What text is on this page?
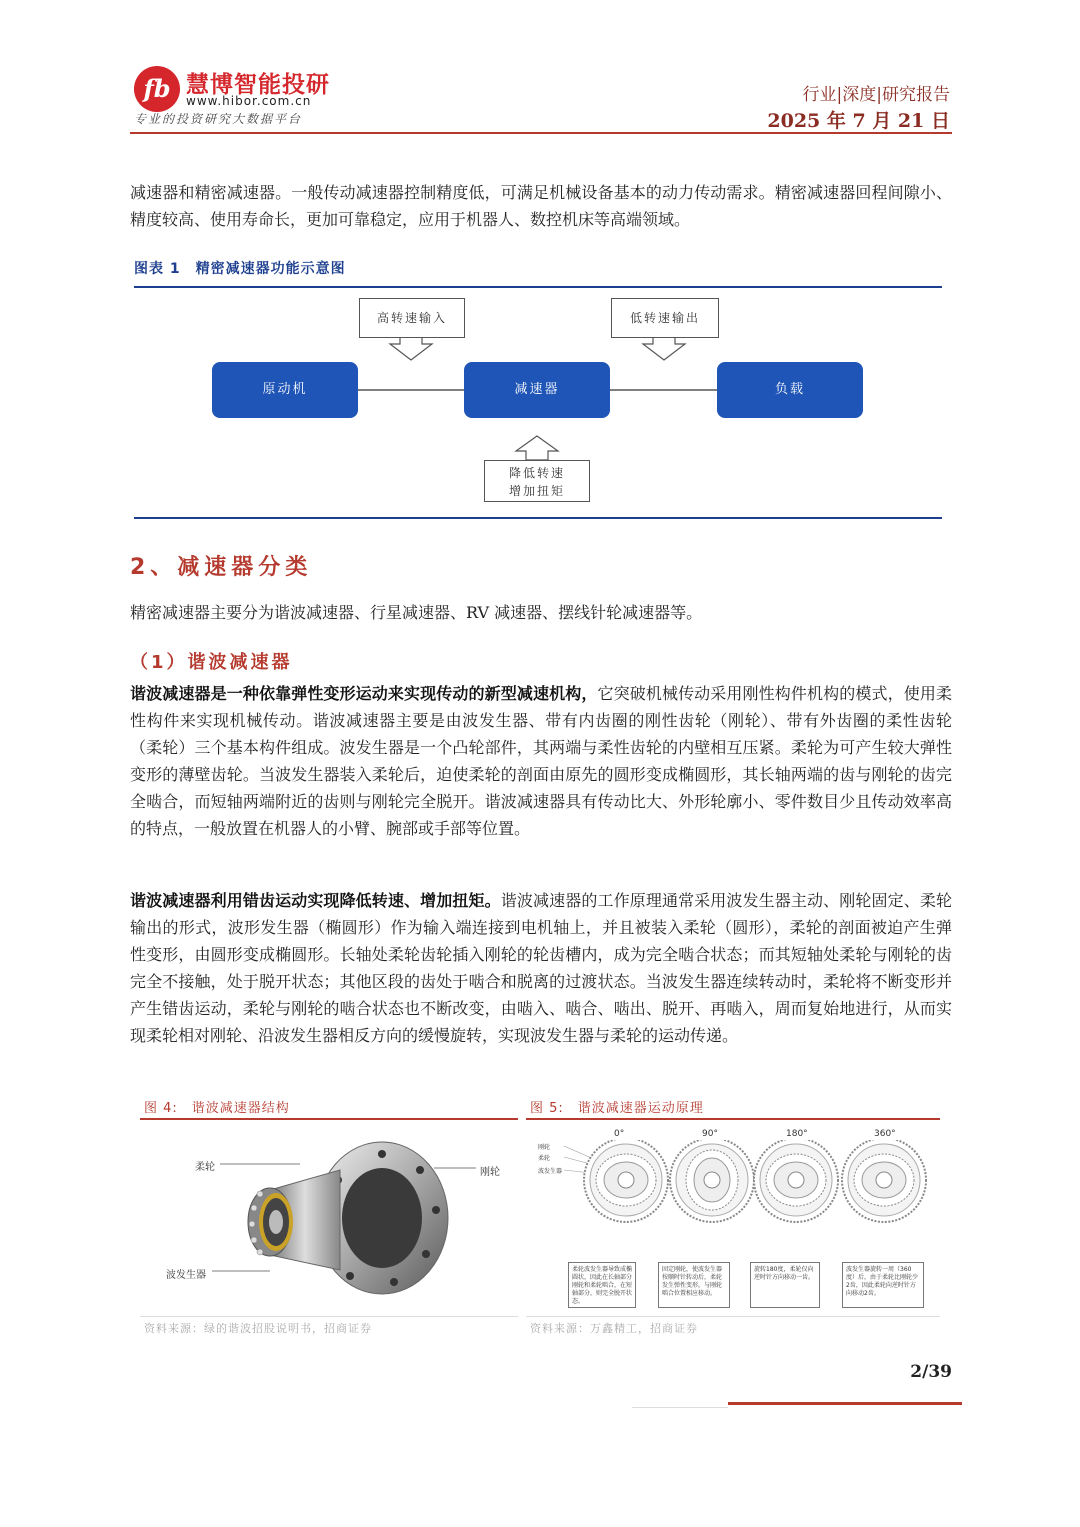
fb 慧博智能投研
www.hibor.com.cn
专业的投资研究大数据平台
行业|深度|研究报告
2025 年 7 月 21 日
减速器和精密减速器。一般传动减速器控制精度低，可满足机械设备基本的动力传动需求。精密减速器回程间隙小、精度较高、使用寿命长，更加可靠稳定，应用于机器人、数控机床等高端领域。
图表 1　精密减速器功能示意图
高转速输入	低转速输出
原动机	减速器	负载
降低转速
增加扭矩
2、减速器分类
精密减速器主要分为谐波减速器、行星减速器、RV 减速器、摆线针轮减速器等。
（1）谐波减速器
谐波减速器是一种依靠弹性变形运动来实现传动的新型减速机构，它突破机械传动采用刚性构件机构的模式，使用柔性构件来实现机械传动。谐波减速器主要是由波发生器、带有内齿圈的刚性齿轮（刚轮）、带有外齿圈的柔性齿轮（柔轮）三个基本构件组成。波发生器是一个凸轮部件，其两端与柔性齿轮的内壁相互压紧。柔轮为可产生较大弹性变形的薄壁齿轮。当波发生器装入柔轮后，迫使柔轮的剖面由原先的圆形变成椭圆形，其长轴两端的齿与刚轮的齿完全啮合，而短轴两端附近的齿则与刚轮完全脱开。谐波减速器具有传动比大、外形轮廓小、零件数目少且传动效率高的特点，一般放置在机器人的小臂、腕部或手部等位置。
谐波减速器利用错齿运动实现降低转速、增加扭矩。谐波减速器的工作原理通常采用波发生器主动、刚轮固定、柔轮输出的形式，波形发生器（椭圆形）作为输入端连接到电机轴上，并且被装入柔轮（圆形），柔轮的剖面被迫产生弹性变形，由圆形变成椭圆形。长轴处柔轮齿轮插入刚轮的轮齿槽内，成为完全啮合状态；而其短轴处柔轮与刚轮的齿完全不接触，处于脱开状态；其他区段的齿处于啮合和脱离的过渡状态。当波发生器连续转动时，柔轮将不断变形并产生错齿运动，柔轮与刚轮的啮合状态也不断改变，由啮入、啮合、啮出、脱开、再啮入，周而复始地进行，从而实现柔轮相对刚轮、沿波发生器相反方向的缓慢旋转，实现波发生器与柔轮的运动传递。
图 4:　谐波减速器结构
柔轮	刚轮
波发生器
资料来源：绿的谐波招股说明书，招商证券
图 5:　谐波减速器运动原理
0°	90°	180°	360°
刚轮
柔轮
波发生器
柔轮波发生器导致成椭圆状，因此在长轴部分刚轮和柔轮啮合，在短轴部分，则完全脱开状态。
固定刚轮，使波发生器按顺时针转动后，柔轮发生弹性变形，与刚轮啮合位置相应移动。
旋转180度，柔轮仅向逆时针方向移动一齿。
波发生器旋转一周（360度）后，由于柔轮比刚轮少2齿，因此柔轮向逆时针方向移动2齿。
资料来源：万鑫精工，招商证券
2/39
